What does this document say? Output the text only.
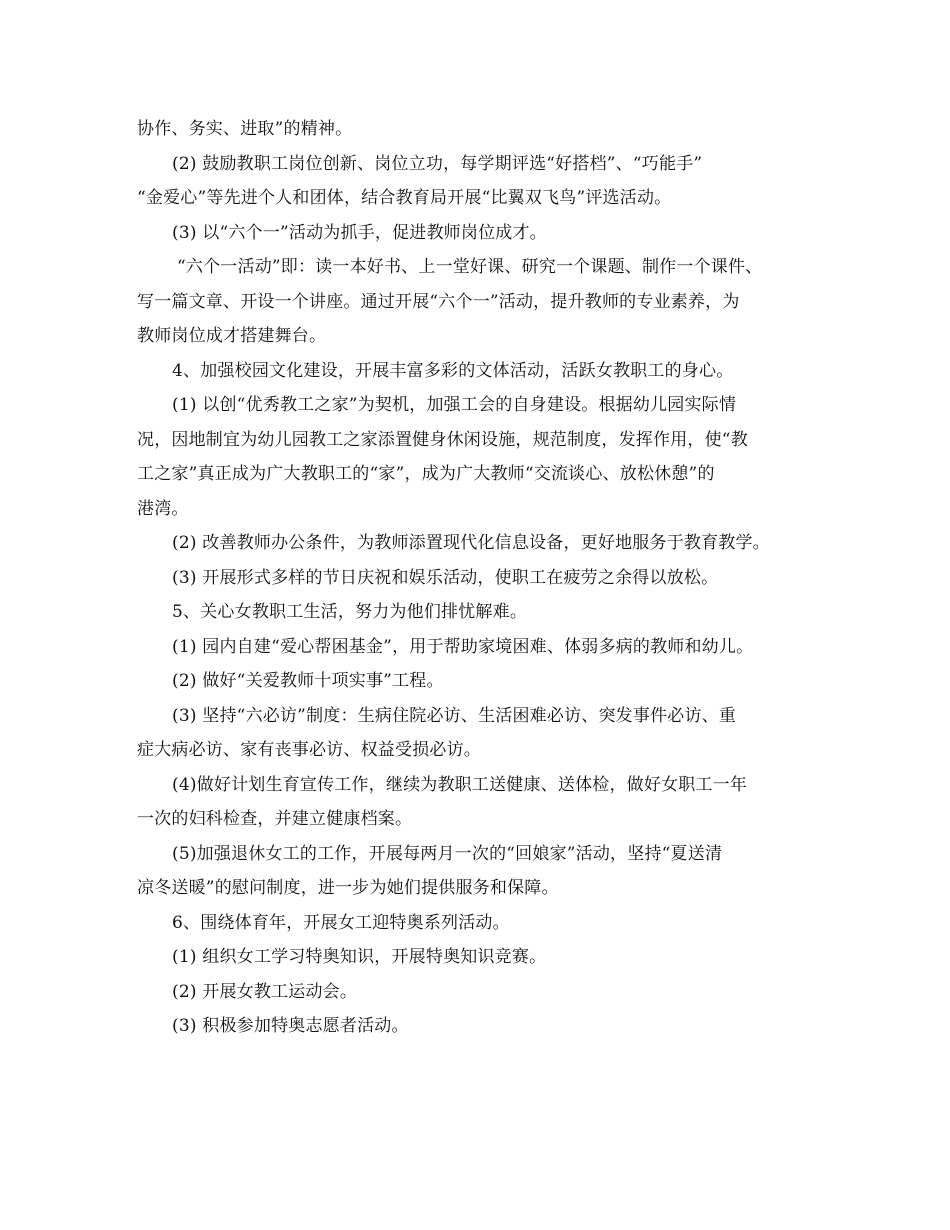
协作、务实、进取”的精神。
(2) 鼓励教职工岗位创新、岗位立功，每学期评选“好搭档”、“巧能手”
“金爱心”等先进个人和团体，结合教育局开展“比翼双飞鸟”评选活动。
(3) 以“六个一”活动为抓手，促进教师岗位成才。
“六个一活动”即：读一本好书、上一堂好课、研究一个课题、制作一个课件、
写一篇文章、开设一个讲座。通过开展“六个一”活动，提升教师的专业素养，为
教师岗位成才搭建舞台。
4、加强校园文化建设，开展丰富多彩的文体活动，活跃女教职工的身心。
(1) 以创“优秀教工之家”为契机，加强工会的自身建设。根据幼儿园实际情
况，因地制宜为幼儿园教工之家添置健身休闲设施，规范制度，发挥作用，使“教
工之家”真正成为广大教职工的“家”，成为广大教师“交流谈心、放松休憩”的
港湾。
(2) 改善教师办公条件，为教师添置现代化信息设备，更好地服务于教育教学。
(3) 开展形式多样的节日庆祝和娱乐活动，使职工在疲劳之余得以放松。
5、关心女教职工生活，努力为他们排忧解难。
(1) 园内自建“爱心帮困基金”，用于帮助家境困难、体弱多病的教师和幼儿。
(2) 做好“关爱教师十项实事”工程。
(3) 坚持“六必访”制度：生病住院必访、生活困难必访、突发事件必访、重
症大病必访、家有丧事必访、权益受损必访。
(4)做好计划生育宣传工作，继续为教职工送健康、送体检，做好女职工一年
一次的妇科检查，并建立健康档案。
(5)加强退休女工的工作，开展每两月一次的“回娘家”活动，坚持“夏送清
凉冬送暖”的慰问制度，进一步为她们提供服务和保障。
6、围绕体育年，开展女工迎特奥系列活动。
(1) 组织女工学习特奥知识，开展特奥知识竞赛。
(2) 开展女教工运动会。
(3) 积极参加特奥志愿者活动。
